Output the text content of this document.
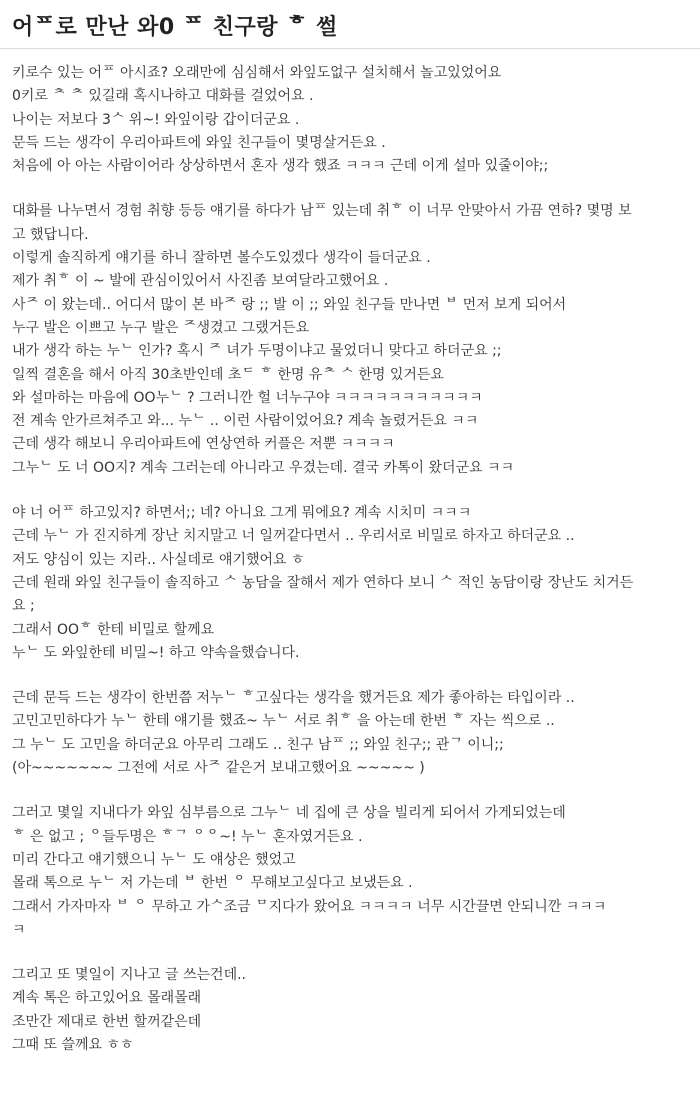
어ᄑ로 만난 와0 ᄑ 친구랑 ᄒ 썰
키로수 있는 어ᄑ 아시죠? 오래만에 심심해서 와잎도없구 설치해서 놀고있었어요
0키로 ᄎ ᄎ 있길래 혹시나하고 대화를 걸었어요 .
나이는 저보다 3ᄉ 위~! 와잎이랑 갑이더군요 .
문득 드는 생각이 우리아파트에 와잎 친구들이 몇명살거든요 .
처음에 아 아는 사람이어라 상상하면서 혼자 생각 했죠 ㅋㅋㅋ 근데 이게 설마 있줄이야;;
대화를 나누면서 경험 취향 등등 얘기를 하다가 남ᄑ 있는데 취ᄒ 이 너무 안맞아서 가끔 연하? 몇명 보
고 했답니다.
이렇게 솔직하게 얘기를 하니 잘하면 볼수도있겠다 생각이 들더군요 .
제가 취ᄒ 이 ~ 발에 관심이있어서 사진좀 보여달라고했어요 .
사ᄌ 이 왔는데.. 어디서 많이 본 바ᄌ 랑 ;; 발 이 ;; 와잎 친구들 만나면 ᄇ 먼저 보게 되어서
누구 발은 이쁘고 누구 발은 ᄌ생겼고 그랬거든요
내가 생각 하는 누ᄂ 인가? 혹시 ᄌ 녀가 두명이냐고 물었더니 맞다고 하더군요 ;;
일찍 결혼을 해서 아직 30초반인데 초ᄃ ᄒ 한명 유ᄎ ᄉ 한명 있거든요
와 설마하는 마음에 OO누ᄂ ? 그러니깐 헐 너누구야 ㅋㅋㅋㅋㅋㅋㅋㅋㅋㅋㅋ
전 계속 안가르쳐주고 와... 누ᄂ .. 이런 사람이었어요? 계속 놀렸거든요 ㅋㅋ
근데 생각 해보니 우리아파트에 연상연하 커플은 저뿐 ㅋㅋㅋㅋ
그누ᄂ 도 너 OO지? 계속 그러는데 아니라고 우겼는데. 결국 카톡이 왔더군요 ㅋㅋ
야 너 어ᄑ 하고있지? 하면서;; 네? 아니요 그게 뭐에요? 계속 시치미 ㅋㅋㅋ
근데 누ᄂ 가 진지하게 장난 치지말고 너 일꺼같다면서 .. 우리서로 비밀로 하자고 하더군요 ..
저도 양심이 있는 지라.. 사실데로 얘기했어요 ㅎ
근데 원래 와잎 친구들이 솔직하고 ᄉ 농담을 잘해서 제가 연하다 보니 ᄉ 적인 농담이랑 장난도 치거든
요 ;
그래서 OOᄒ 한테 비밀로 할께요
누ᄂ 도 와잎한테 비밀~! 하고 약속을했습니다.
근데 문득 드는 생각이 한번쯤 저누ᄂ ᄒ고싶다는 생각을 했거든요 제가 좋아하는 타입이라 ..
고민고민하다가 누ᄂ 한테 얘기를 했죠~ 누ᄂ 서로 취ᄒ 을 아는데 한번 ᄒ 자는 씩으로 ..
그 누ᄂ 도 고민을 하더군요 아무리 그래도 .. 친구 남ᄑ ;; 와잎 친구;; 관ᄀ 이니;;
(아~~~~~~~ 그전에 서로 사ᄌ 같은거 보내고했어요 ~~~~~ )
그러고 몇일 지내다가 와잎 심부름으로 그누ᄂ 네 집에 큰 상을 빌리게 되어서 가게되었는데
ᄒ 은 없고 ; ᄋ들두명은 ᄒᄀ ᄋᄋ~! 누ᄂ 혼자였거든요 .
미리 간다고 얘기했으니 누ᄂ 도 얘상은 했었고
몰래 톡으로 누ᄂ 저 가는데 ᄇ 한번 ᄋ 무해보고싶다고 보냈든요 .
그래서 가자마자 ᄇ ᄋ 무하고 가ᄉ조금 ᄆ지다가 왔어요 ㅋㅋㅋㅋ 너무 시간끌면 안되니깐 ㅋㅋㅋ
ㅋ
그리고 또 몇일이 지나고 글 쓰는건데..
계속 톡은 하고있어요 몰래몰래
조만간 제대로 한번 할꺼같은데
그때 또 쓸께요 ㅎㅎ
